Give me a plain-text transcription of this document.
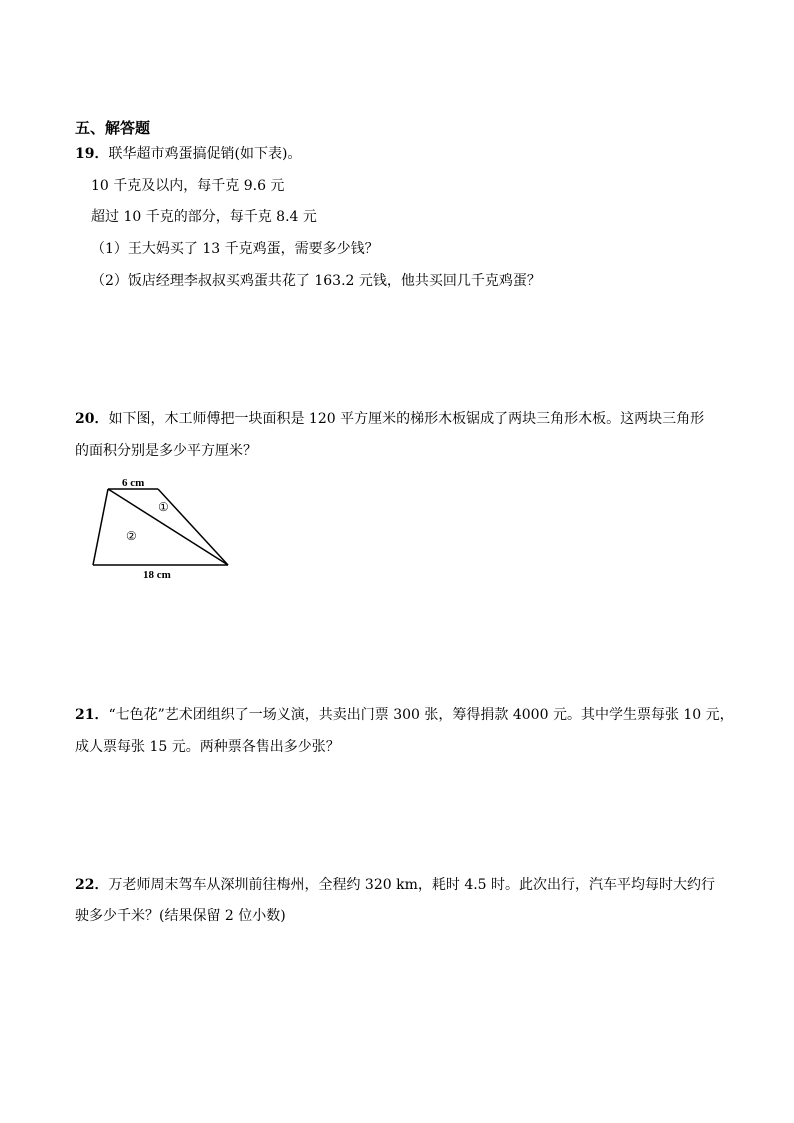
五、解答题
19．联华超市鸡蛋搞促销(如下表)。
10 千克及以内，每千克 9.6 元
超过 10 千克的部分，每千克 8.4 元
（1）王大妈买了 13 千克鸡蛋，需要多少钱？
（2）饭店经理李叔叔买鸡蛋共花了 163.2 元钱，他共买回几千克鸡蛋？
20．如下图，木工师傅把一块面积是 120 平方厘米的梯形木板锯成了两块三角形木板。这两块三角形
的面积分别是多少平方厘米？
6 cm
①
②
18 cm
21．“七色花”艺术团组织了一场义演，共卖出门票 300 张，筹得捐款 4000 元。其中学生票每张 10 元，
成人票每张 15 元。两种票各售出多少张？
22．万老师周末驾车从深圳前往梅州，全程约 320 km，耗时 4.5 时。此次出行，汽车平均每时大约行
驶多少千米？(结果保留 2 位小数)
